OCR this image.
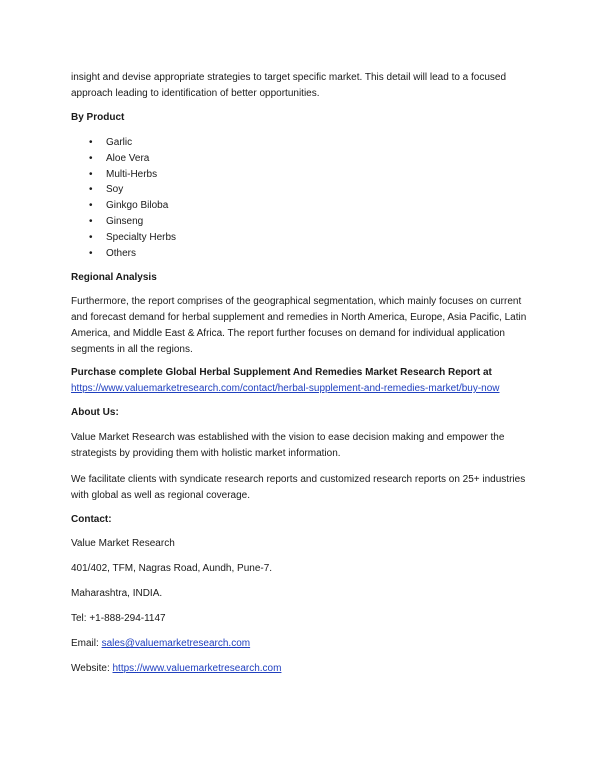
insight and devise appropriate strategies to target specific market. This detail will lead to a focused
approach leading to identification of better opportunities.

By Product

• Garlic
• Aloe Vera
• Multi-Herbs
• Soy
• Ginkgo Biloba
• Ginseng
• Specialty Herbs
• Others

Regional Analysis

Furthermore, the report comprises of the geographical segmentation, which mainly focuses on current
and forecast demand for herbal supplement and remedies in North America, Europe, Asia Pacific, Latin
America, and Middle East & Africa. The report further focuses on demand for individual application
segments in all the regions.

Purchase complete Global Herbal Supplement And Remedies Market Research Report at
https://www.valuemarketresearch.com/contact/herbal-supplement-and-remedies-market/buy-now

About Us:

Value Market Research was established with the vision to ease decision making and empower the
strategists by providing them with holistic market information.

We facilitate clients with syndicate research reports and customized research reports on 25+ industries
with global as well as regional coverage.

Contact:

Value Market Research

401/402, TFM, Nagras Road, Aundh, Pune-7.

Maharashtra, INDIA.

Tel: +1-888-294-1147

Email: sales@valuemarketresearch.com

Website: https://www.valuemarketresearch.com
